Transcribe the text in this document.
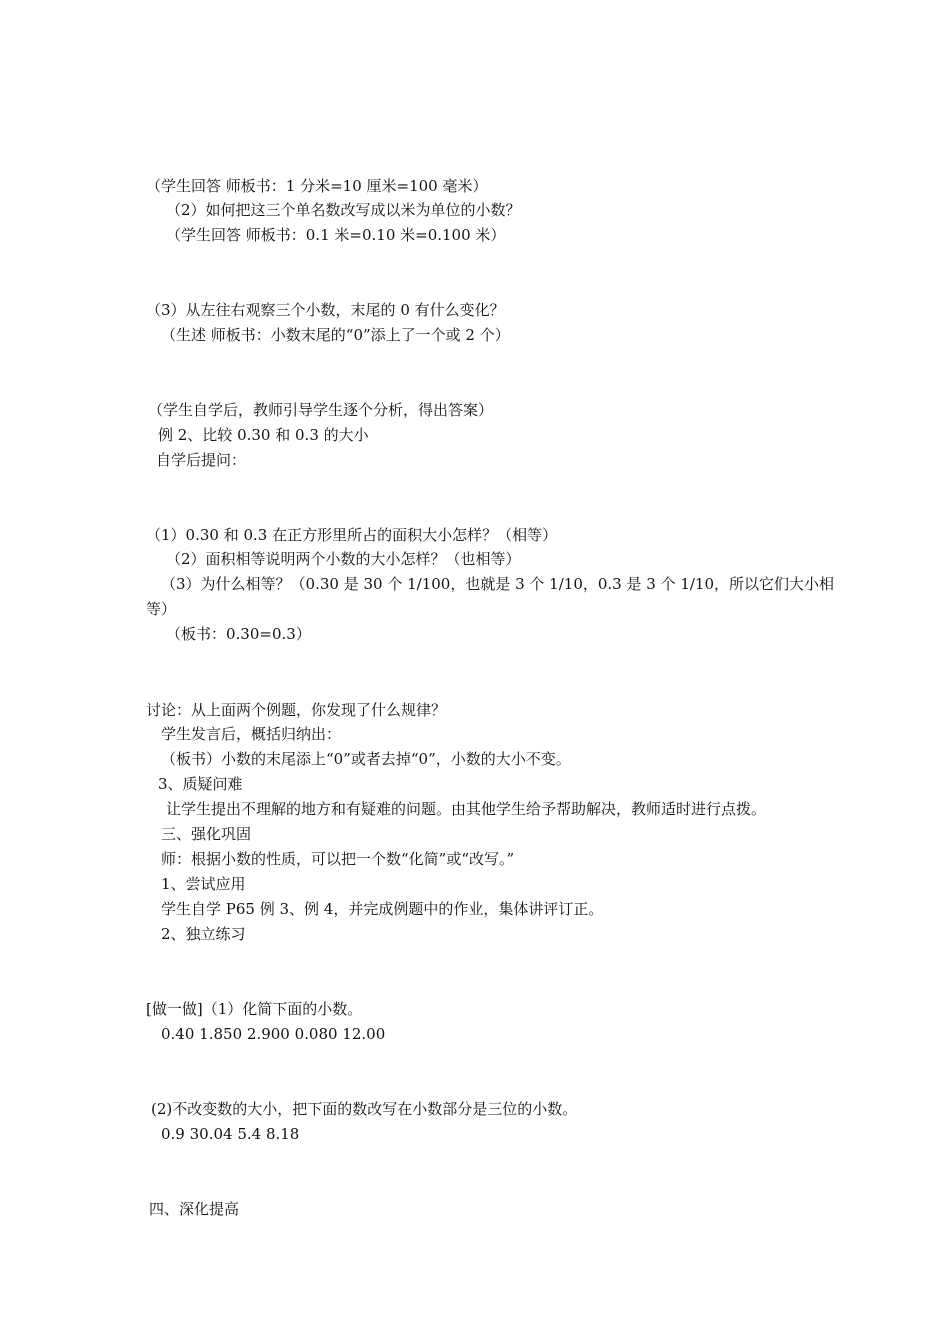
（学生回答 师板书：1 分米=10 厘米=100 毫米）
（2）如何把这三个单名数改写成以米为单位的小数？
（学生回答 师板书：0.1 米=0.10 米=0.100 米）
（3）从左往右观察三个小数，末尾的 0 有什么变化？
（生述 师板书：小数末尾的“0”添上了一个或 2 个）
（学生自学后，教师引导学生逐个分析，得出答案）
例 2、比较 0.30 和 0.3 的大小
自学后提问：
（1）0.30 和 0.3 在正方形里所占的面积大小怎样？（相等）
（2）面积相等说明两个小数的大小怎样？（也相等）
（3）为什么相等？（0.30 是 30 个 1/100，也就是 3 个 1/10，0.3 是 3 个 1/10，所以它们大小相
等）
（板书：0.30=0.3）
讨论：从上面两个例题，你发现了什么规律？
学生发言后，概括归纳出：
（板书）小数的末尾添上“0”或者去掉“0”，小数的大小不变。
3、质疑问难
让学生提出不理解的地方和有疑难的问题。由其他学生给予帮助解决，教师适时进行点拨。
三、强化巩固
师：根据小数的性质，可以把一个数“化简”或“改写。”
1、尝试应用
学生自学 P65 例 3、例 4，并完成例题中的作业，集体讲评订正。
2、独立练习
[做一做]（1）化简下面的小数。
0.40 1.850 2.900 0.080 12.00
(2)不改变数的大小，把下面的数改写在小数部分是三位的小数。
0.9 30.04 5.4 8.18
四、深化提高
